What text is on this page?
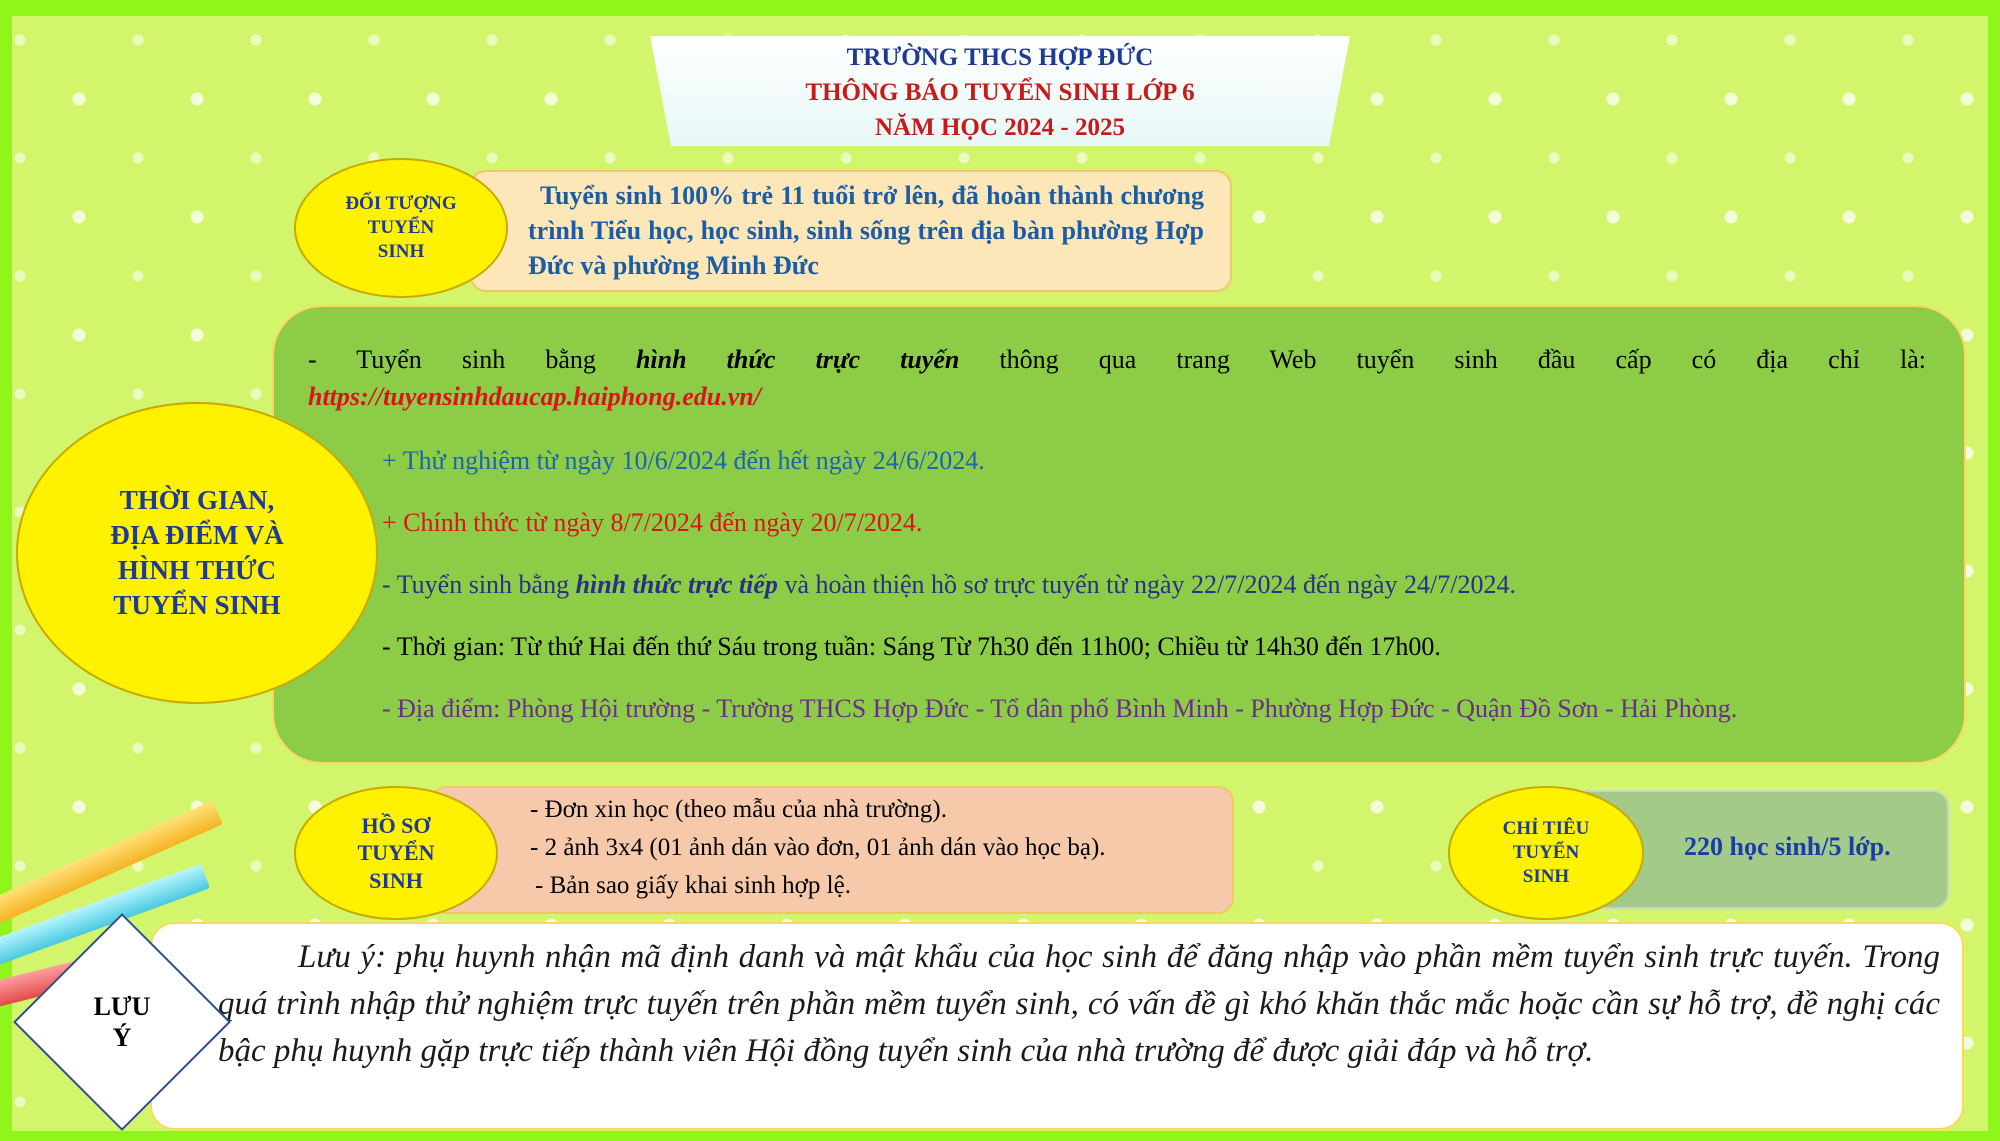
TRƯỜNG THCS HỢP ĐỨC
THÔNG BÁO TUYỂN SINH LỚP 6
NĂM HỌC 2024 - 2025
ĐỐI TƯỢNG
TUYỂN
SINH
Tuyển sinh 100% trẻ 11 tuổi trở lên, đã hoàn thành chương trình Tiểu học, học sinh, sinh sống trên địa bàn phường Hợp Đức và phường Minh Đức
THỜI GIAN,
ĐỊA ĐIỂM VÀ
HÌNH THỨC
TUYỂN SINH
- Tuyển sinh bằng hình thức trực tuyến thông qua trang Web tuyển sinh đầu cấp có địa chỉ là:
https://tuyensinhdaucap.haiphong.edu.vn/
+ Thử nghiệm từ ngày 10/6/2024 đến hết ngày 24/6/2024.
+ Chính thức từ ngày 8/7/2024 đến ngày 20/7/2024.
- Tuyển sinh bằng hình thức trực tiếp và hoàn thiện hồ sơ trực tuyến từ ngày 22/7/2024 đến ngày 24/7/2024.
- Thời gian: Từ thứ Hai đến thứ Sáu trong tuần: Sáng Từ 7h30 đến 11h00; Chiều từ 14h30 đến 17h00.
- Địa điểm: Phòng Hội trường - Trường THCS Hợp Đức - Tổ dân phố Bình Minh - Phường Hợp Đức - Quận Đồ Sơn - Hải Phòng.
HỒ SƠ
TUYỂN
SINH
- Đơn xin học (theo mẫu của nhà trường).
- 2 ảnh 3x4 (01 ảnh dán vào đơn, 01 ảnh dán vào học bạ).
- Bản sao giấy khai sinh hợp lệ.
CHỈ TIÊU
TUYỂN
SINH
220 học sinh/5 lớp.
LƯU
Ý
Lưu ý: phụ huynh nhận mã định danh và mật khẩu của học sinh để đăng nhập vào phần mềm tuyển sinh trực tuyến. Trong quá trình nhập thử nghiệm trực tuyến trên phần mềm tuyển sinh, có vấn đề gì khó khăn thắc mắc hoặc cần sự hỗ trợ, đề nghị các bậc phụ huynh gặp trực tiếp thành viên Hội đồng tuyển sinh của nhà trường để được giải đáp và hỗ trợ.
